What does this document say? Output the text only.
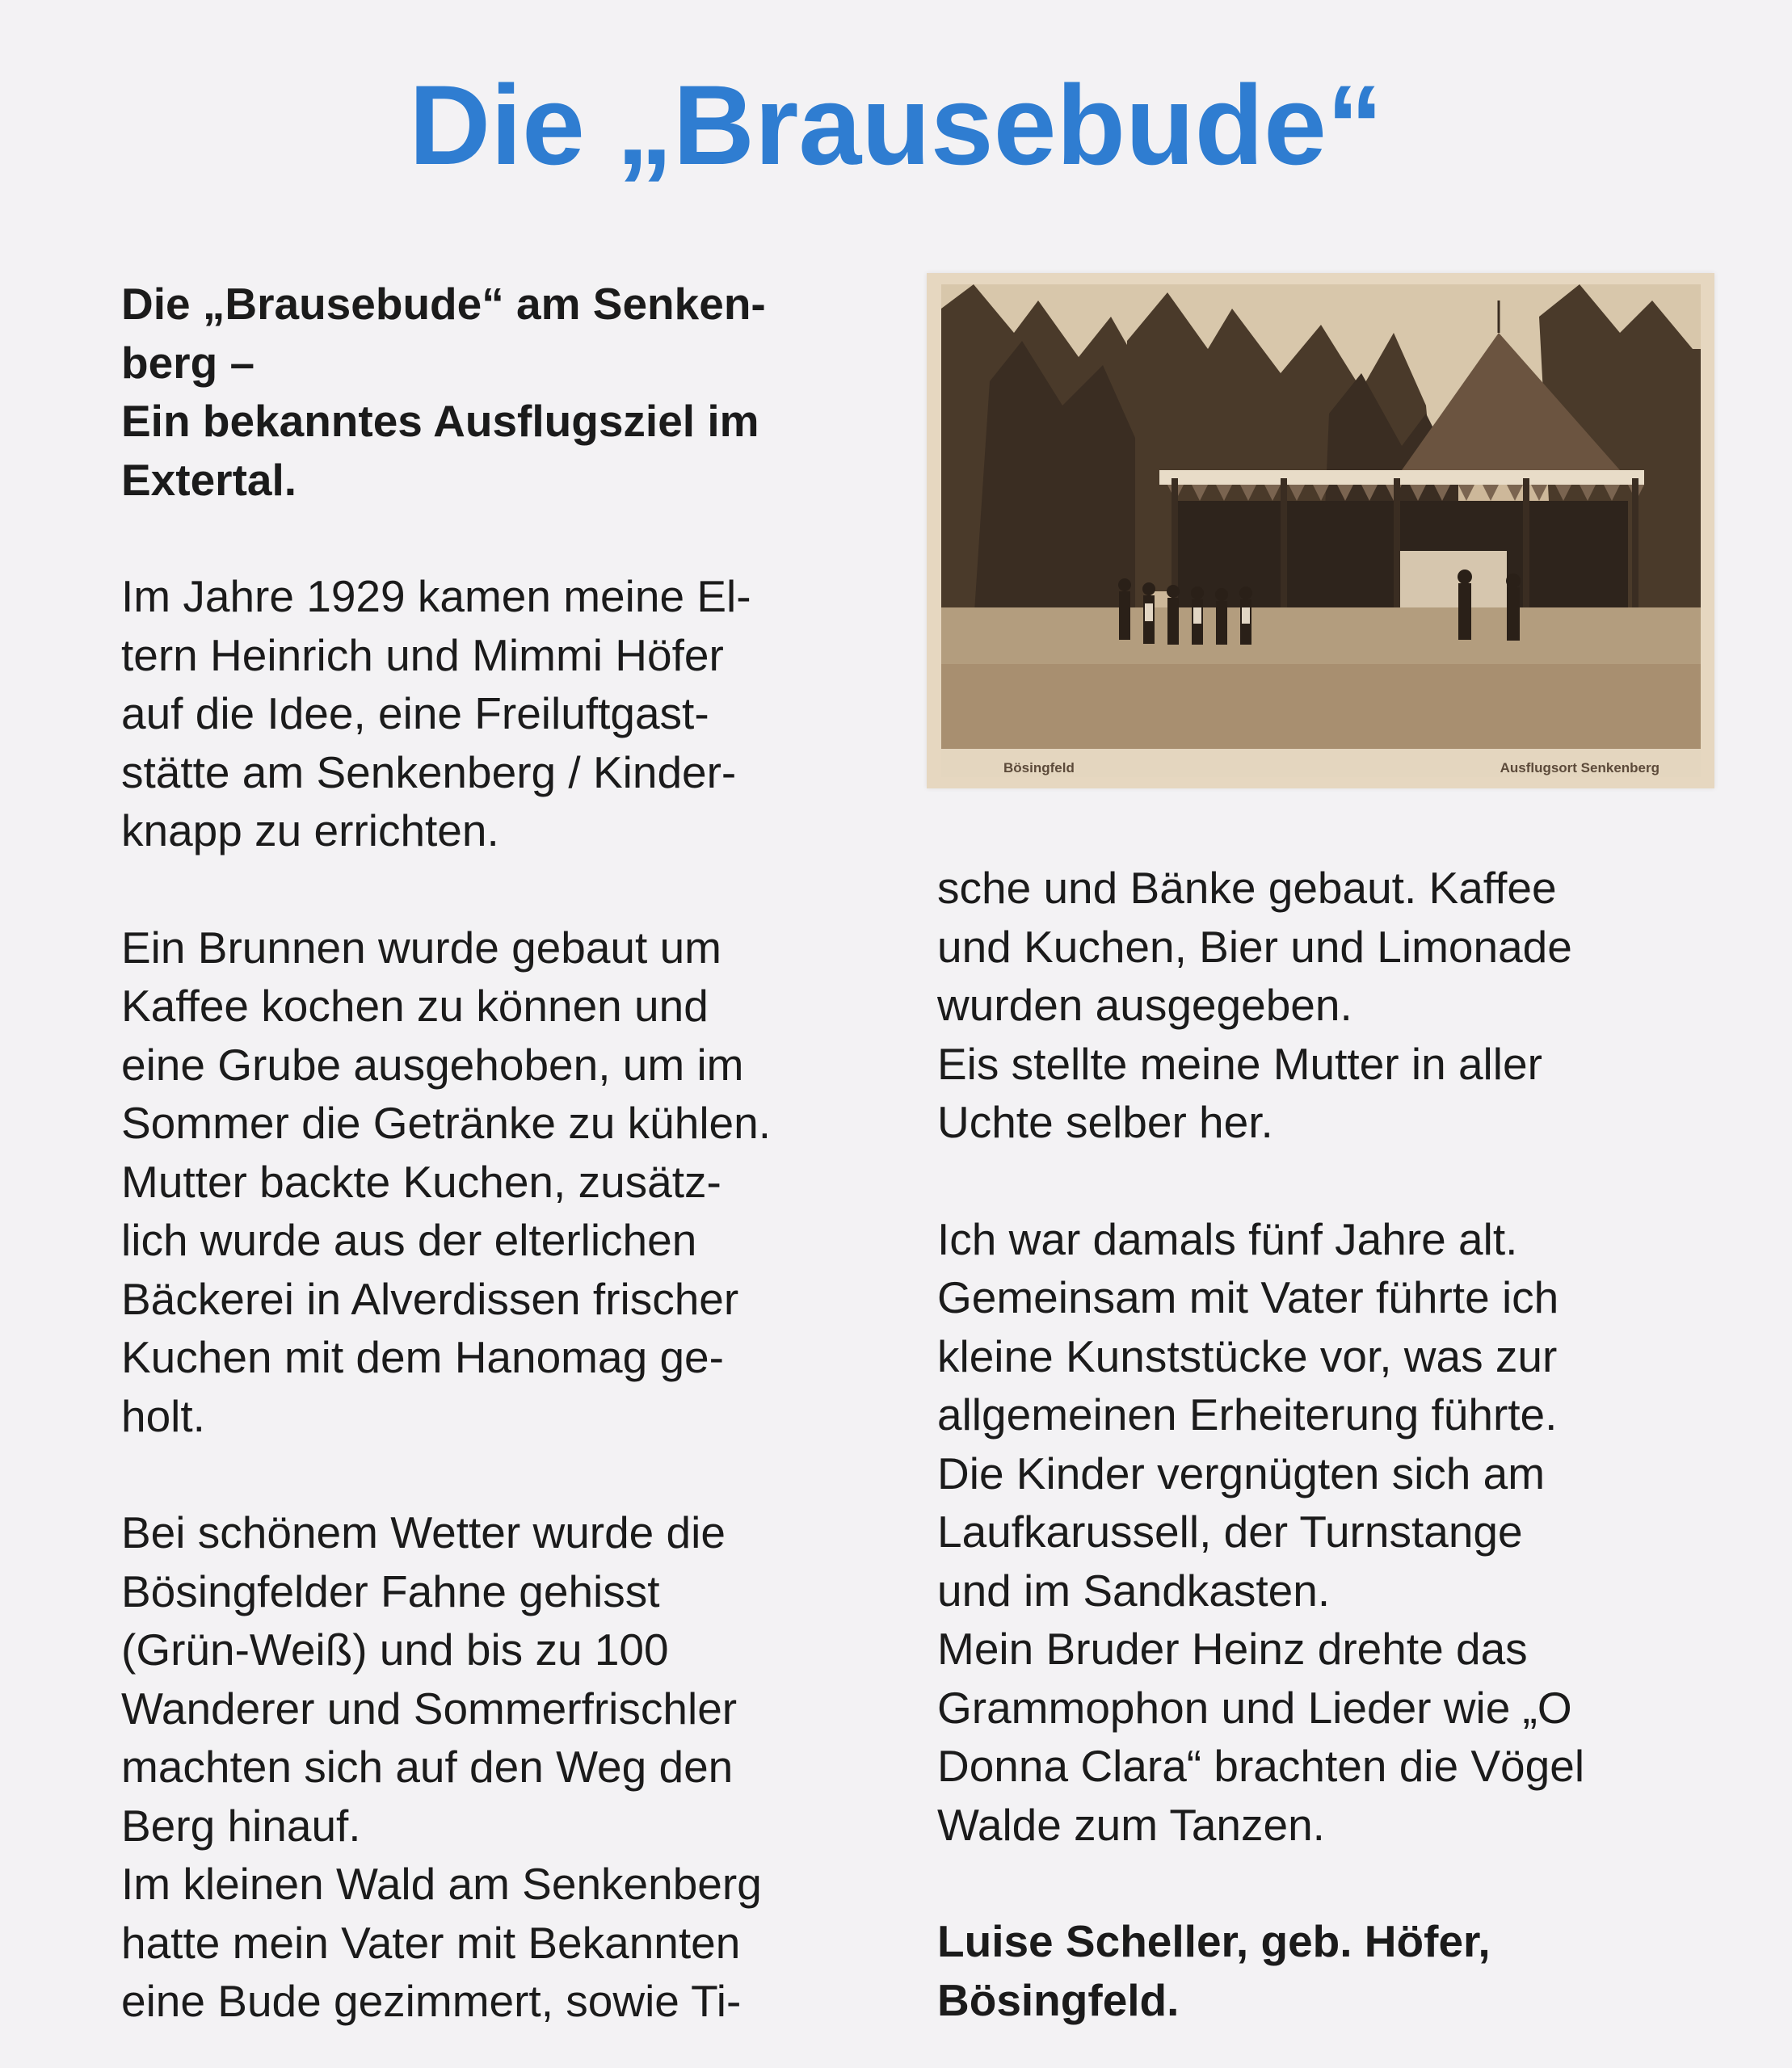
Die „Brausebude“

Die „Brausebude“ am Senken-

berg –

Ein bekanntes Ausflugsziel im

Extertal.

Im Jahre 1929 kamen meine El-

tern Heinrich und Mimmi Höfer

auf die Idee, eine Freiluftgast-

stätte am Senkenberg / Kinder-

knapp zu errichten.

Ein Brunnen wurde gebaut um

Kaffee kochen zu können und

eine Grube ausgehoben, um im

Sommer die Getränke zu kühlen.

Mutter backte Kuchen, zusätz-

lich wurde aus der elterlichen

Bäckerei in Alverdissen frischer

Kuchen mit dem Hanomag ge-

holt.

Bei schönem Wetter wurde die

Bösingfelder Fahne gehisst

(Grün-Weiß) und bis zu 100

Wanderer und Sommerfrischler

machten sich auf den Weg den

Berg hinauf.

Im kleinen Wald am Senkenberg

hatte mein Vater mit Bekannten

eine Bude gezimmert, sowie Ti-

Bösingfeld	Ausflugsort Senkenberg

sche und Bänke gebaut. Kaffee

und Kuchen, Bier und Limonade

wurden ausgegeben.

Eis stellte meine Mutter in aller

Uchte selber her.

Ich war damals fünf Jahre alt.

Gemeinsam mit Vater führte ich

kleine Kunststücke vor, was zur

allgemeinen Erheiterung führte.

Die Kinder vergnügten sich am

Laufkarussell, der Turnstange

und im Sandkasten.

Mein Bruder Heinz drehte das

Grammophon und Lieder wie „O

Donna Clara“ brachten die Vögel

Walde zum Tanzen.

Luise Scheller, geb. Höfer,

Bösingfeld.
